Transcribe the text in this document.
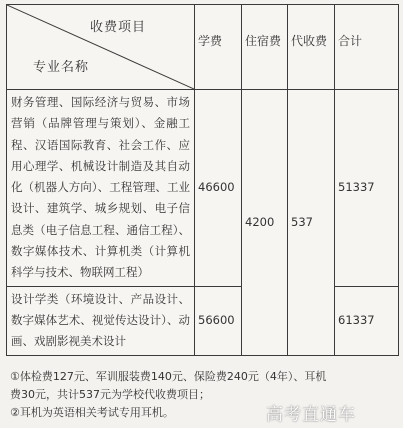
收费项目
专业名称	学费	住宿费	代收费	合计
财务管理、国际经济与贸易、市场营销（品牌管理与策划）、金融工程、汉语国际教育、社会工作、应用心理学、机械设计制造及其自动化（机器人方向）、工程管理、工业设计、建筑学、城乡规划、电子信息类（电子信息工程、通信工程）、数字媒体技术、计算机类（计算机科学与技术、物联网工程）	46600	4200	537	51337
设计学类（环境设计、产品设计、数字媒体艺术、视觉传达设计）、动画、戏剧影视美术设计	56600			61337
①体检费127元、军训服装费140元、保险费240元（4年）、耳机
费30元，共计537元为学校代收费项目；
②耳机为英语相关考试专用耳机。	高考直通车
